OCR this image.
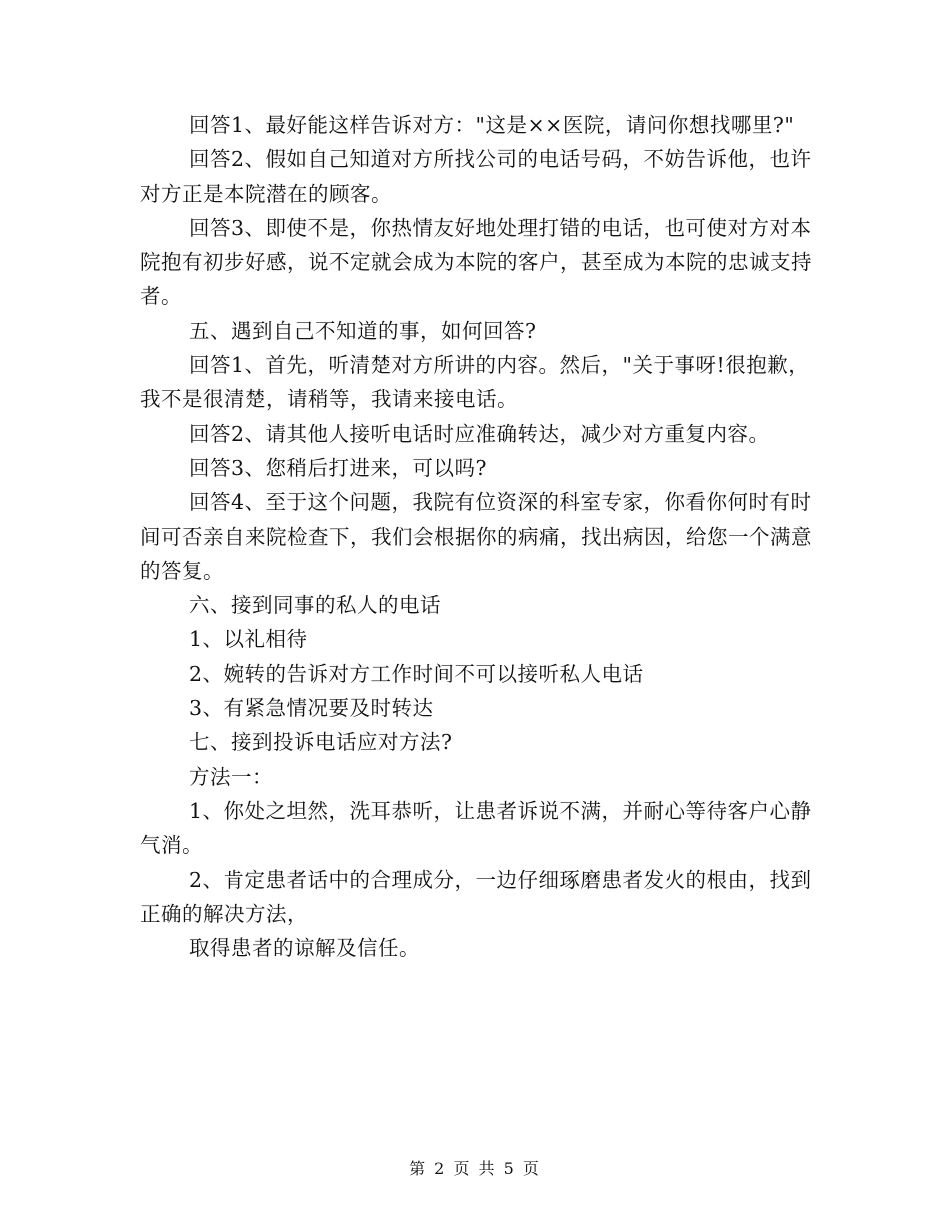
回答1、最好能这样告诉对方："这是××医院，请问你想找哪里?"

回答2、假如自己知道对方所找公司的电话号码，不妨告诉他，也许对方正是本院潜在的顾客。

回答3、即使不是，你热情友好地处理打错的电话，也可使对方对本院抱有初步好感，说不定就会成为本院的客户，甚至成为本院的忠诚支持者。

五、遇到自己不知道的事，如何回答?

回答1、首先，听清楚对方所讲的内容。然后，"关于事呀!很抱歉，我不是很清楚，请稍等，我请来接电话。

回答2、请其他人接听电话时应准确转达，减少对方重复内容。

回答3、您稍后打进来，可以吗?

回答4、至于这个问题，我院有位资深的科室专家，你看你何时有时间可否亲自来院检查下，我们会根据你的病痛，找出病因，给您一个满意的答复。

六、接到同事的私人的电话

1、以礼相待

2、婉转的告诉对方工作时间不可以接听私人电话

3、有紧急情况要及时转达

七、接到投诉电话应对方法?

方法一：

1、你处之坦然，洗耳恭听，让患者诉说不满，并耐心等待客户心静气消。

2、肯定患者话中的合理成分，一边仔细琢磨患者发火的根由，找到正确的解决方法，

取得患者的谅解及信任。

第 2 页 共 5 页
